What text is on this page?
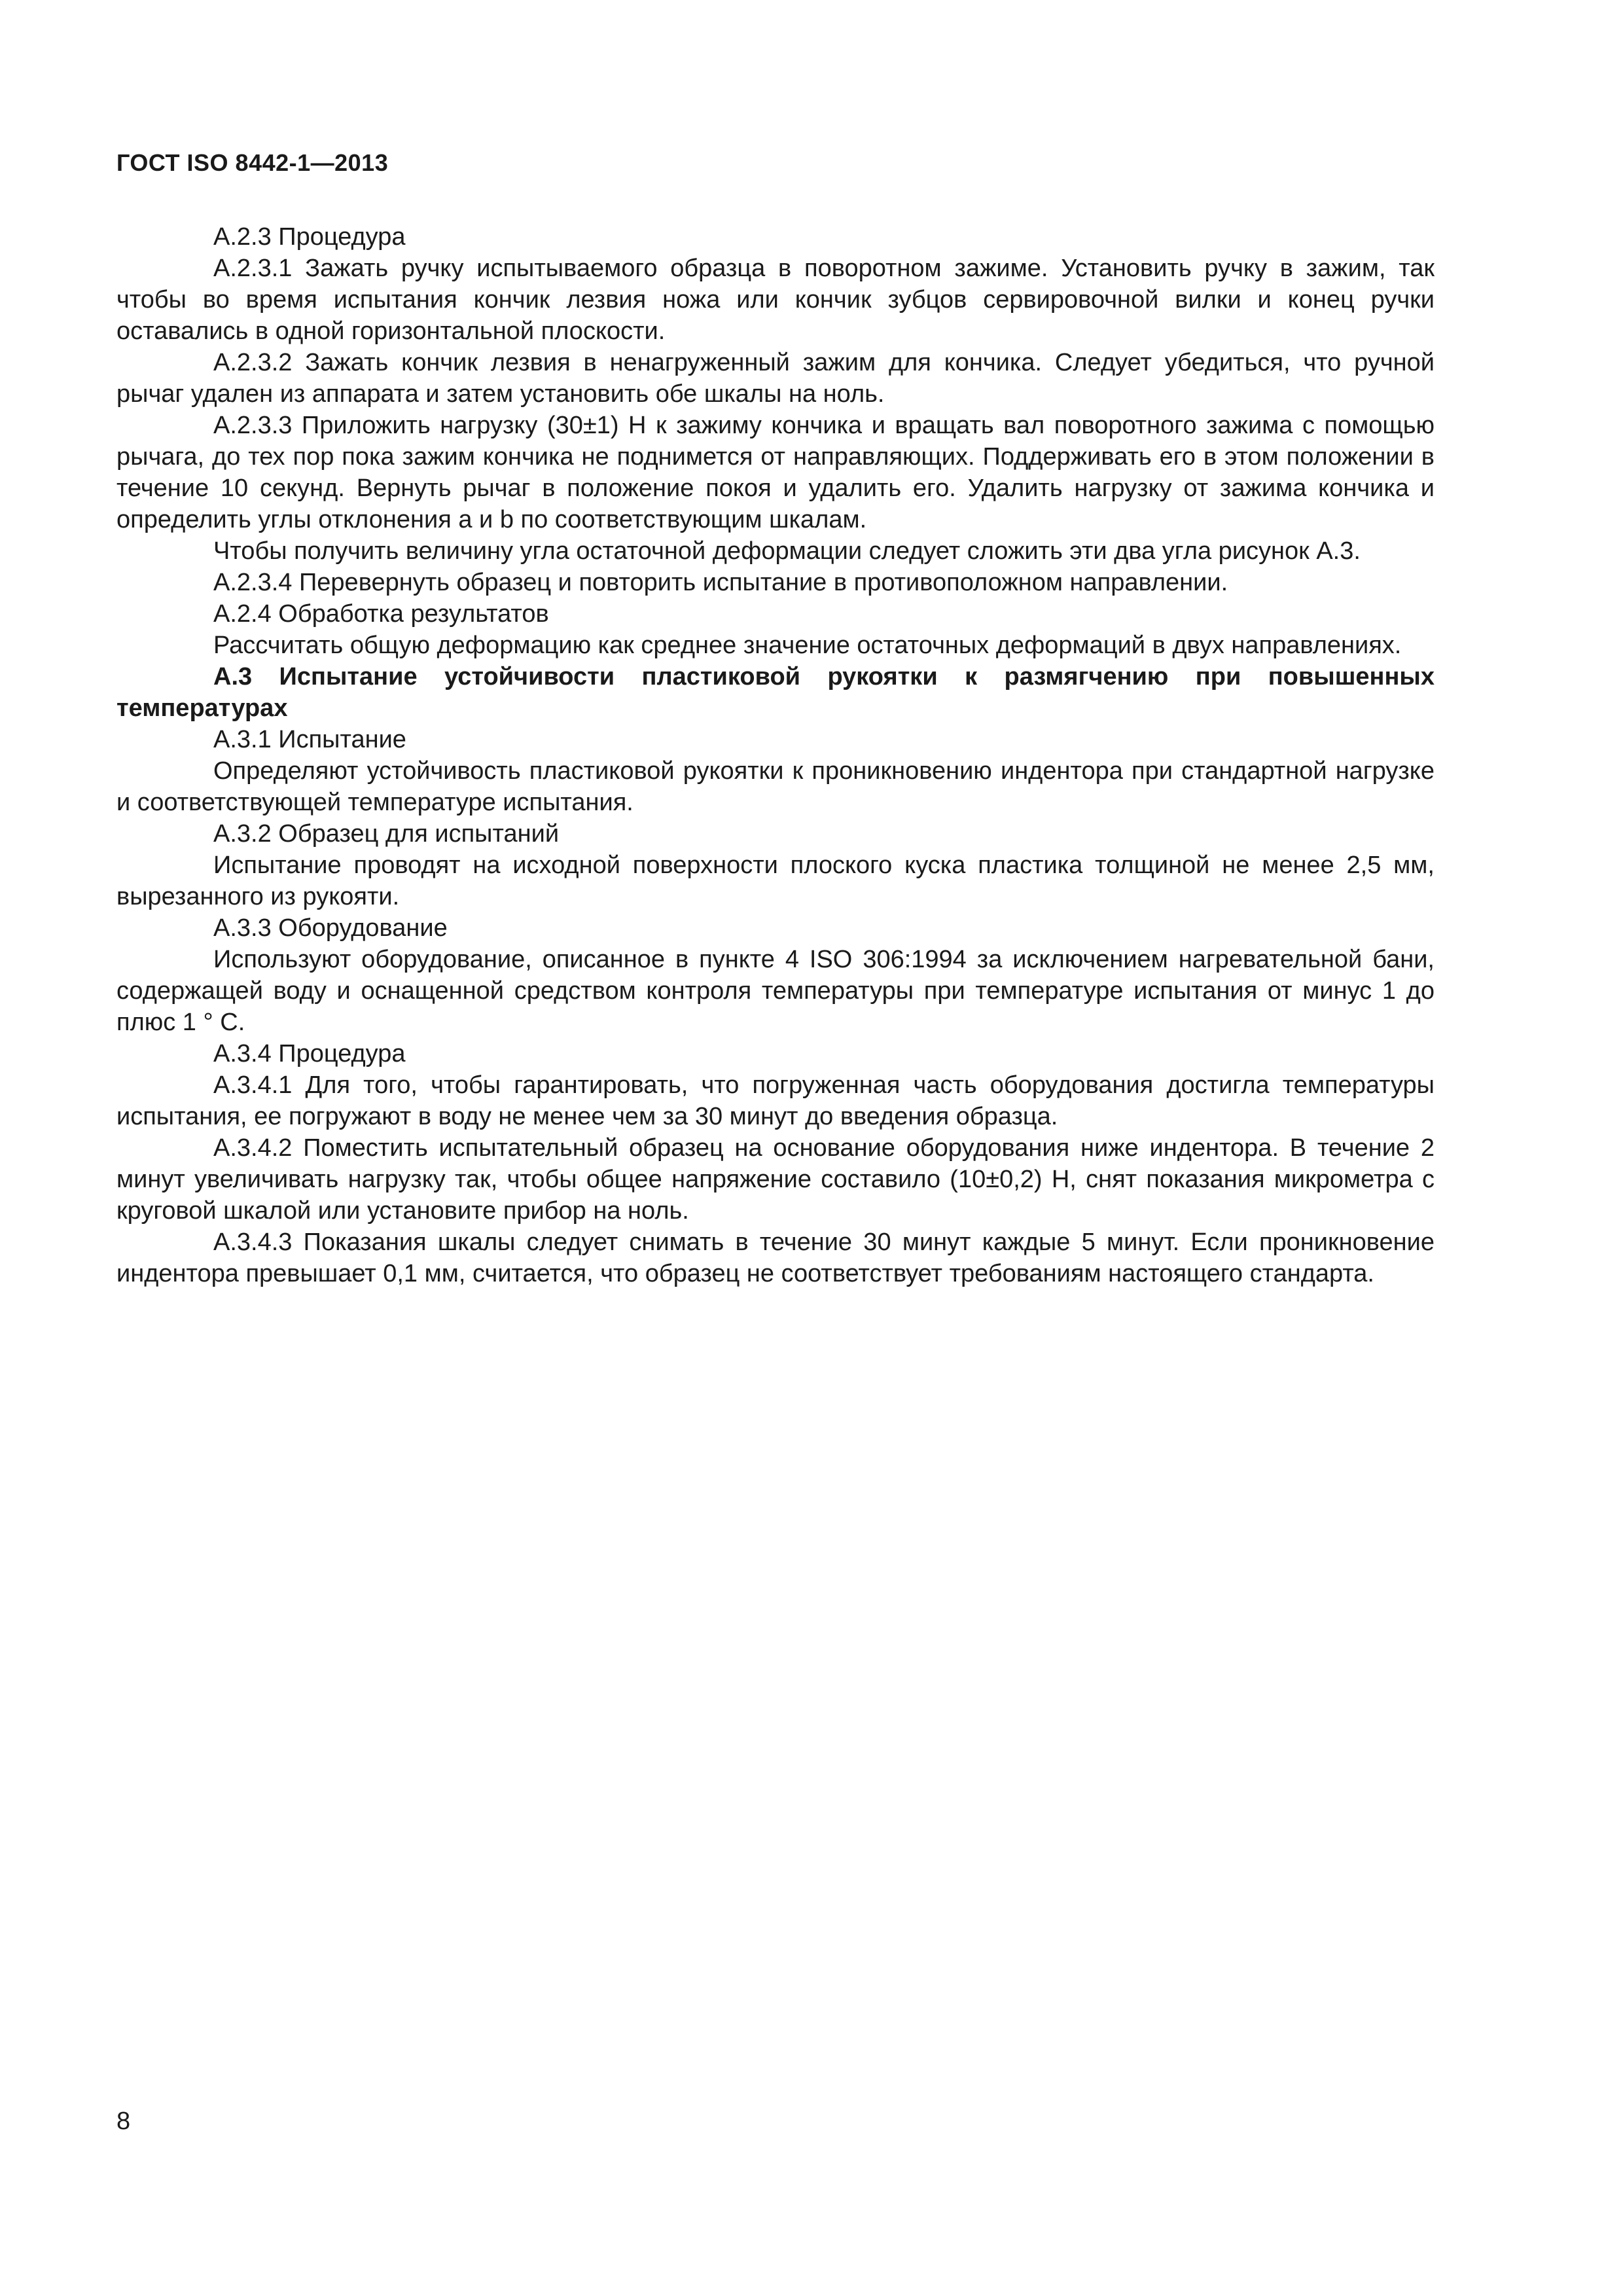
ГОСТ ISO 8442-1—2013

А.2.3 Процедура

А.2.3.1 Зажать ручку испытываемого образца в поворотном зажиме. Установить ручку в зажим, так чтобы во время испытания кончик лезвия ножа или кончик зубцов сервировочной вилки и конец ручки оставались в одной горизонтальной плоскости.

А.2.3.2 Зажать кончик лезвия в ненагруженный зажим для кончика. Следует убедиться, что ручной рычаг удален из аппарата и затем установить обе шкалы на ноль.

А.2.3.3 Приложить нагрузку (30±1) Н к зажиму кончика и вращать вал поворотного зажима с помощью рычага, до тех пор пока зажим кончика не поднимется от направляющих. Поддерживать его в этом положении в течение 10 секунд. Вернуть рычаг в положение покоя и удалить его. Удалить нагрузку от зажима кончика и определить углы отклонения а и b по соответствующим шкалам.

Чтобы получить величину угла остаточной деформации следует сложить эти два угла рисунок А.3.

А.2.3.4 Перевернуть образец и повторить испытание в противоположном направлении.

А.2.4 Обработка результатов

Рассчитать общую деформацию как среднее значение остаточных деформаций в двух направлениях.

А.3 Испытание устойчивости пластиковой рукоятки к размягчению при повышенных температурах

А.3.1 Испытание

Определяют устойчивость пластиковой рукоятки к проникновению индентора при стандартной нагрузке и соответствующей температуре испытания.

А.3.2 Образец для испытаний

Испытание проводят на исходной поверхности плоского куска пластика толщиной не менее 2,5 мм, вырезанного из рукояти.

А.3.3 Оборудование

Используют оборудование, описанное в пункте 4 ISO 306:1994 за исключением нагревательной бани, содержащей воду и оснащенной средством контроля температуры при температуре испытания от минус 1 до плюс 1 ° С.

А.3.4 Процедура

А.3.4.1 Для того, чтобы гарантировать, что погруженная часть оборудования достигла температуры испытания, ее погружают в воду не менее чем за 30 минут до введения образца.

А.3.4.2 Поместить испытательный образец на основание оборудования ниже индентора. В течение 2 минут увеличивать нагрузку так, чтобы общее напряжение составило (10±0,2) Н, снят показания микрометра с круговой шкалой или установите прибор на ноль.

А.3.4.3 Показания шкалы следует снимать в течение 30 минут каждые 5 минут. Если проникновение индентора превышает 0,1 мм, считается, что образец не соответствует требованиям настоящего стандарта.

8
